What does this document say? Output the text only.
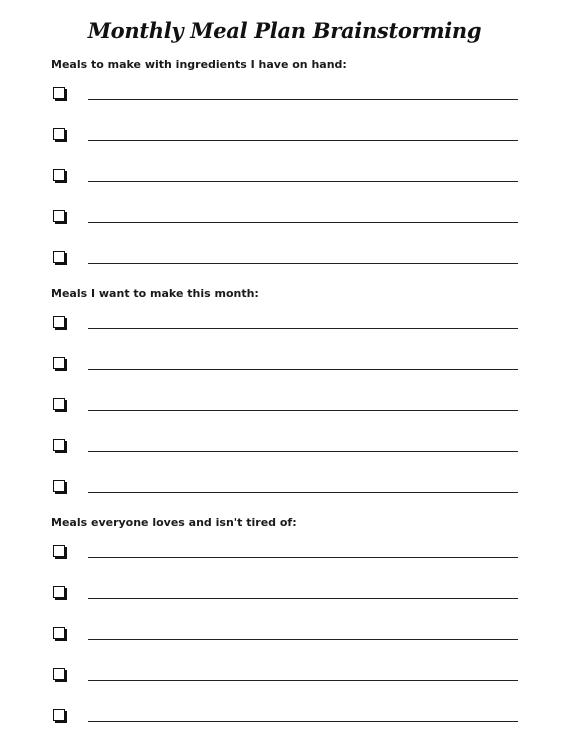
Monthly Meal Plan Brainstorming
Meals to make with ingredients I have on hand:
Meals I want to make this month:
Meals everyone loves and isn't tired of:
